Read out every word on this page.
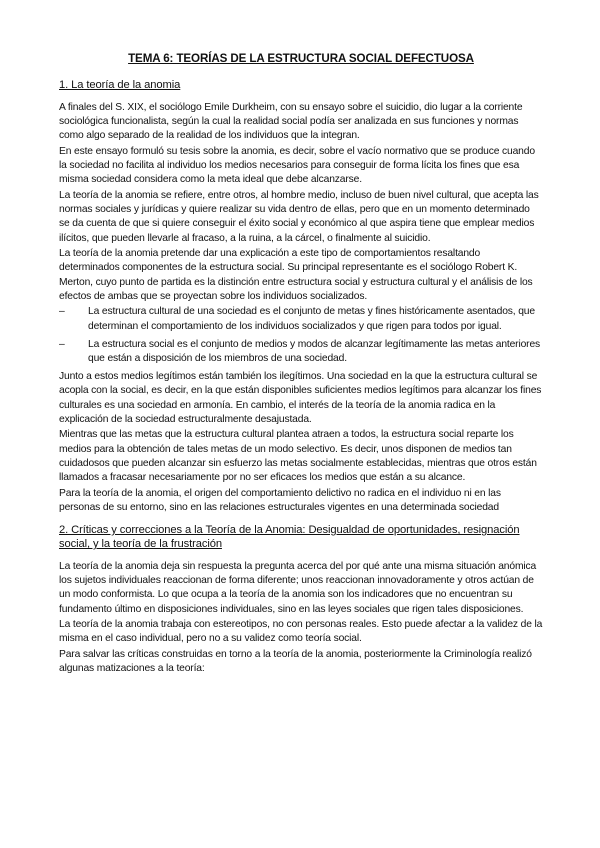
TEMA 6: TEORÍAS DE LA ESTRUCTURA SOCIAL DEFECTUOSA
1. La teoría de la anomia

A finales del S. XIX, el sociólogo Emile Durkheim, con su ensayo sobre el suicidio, dio lugar a la corriente sociológica funcionalista, según la cual la realidad social podía ser analizada en sus funciones y normas como algo separado de la realidad de los individuos que la integran.

En este ensayo formuló su tesis sobre la anomia, es decir, sobre el vacío normativo que se produce cuando la sociedad no facilita al individuo los medios necesarios para conseguir de forma lícita los fines que esa misma sociedad considera como la meta ideal que debe alcanzarse.

La teoría de la anomia se refiere, entre otros, al hombre medio, incluso de buen nivel cultural, que acepta las normas sociales y jurídicas y quiere realizar su vida dentro de ellas, pero que en un momento determinado se da cuenta de que si quiere conseguir el éxito social y económico al que aspira tiene que emplear medios ilícitos, que pueden llevarle al fracaso, a la ruina, a la cárcel, o finalmente al suicidio.

La teoría de la anomia pretende dar una explicación a este tipo de comportamientos resaltando determinados componentes de la estructura social. Su principal representante es el sociólogo Robert K. Merton, cuyo punto de partida es la distinción entre estructura social y estructura cultural y el análisis de los efectos de ambas que se proyectan sobre los individuos socializados.

– La estructura cultural de una sociedad es el conjunto de metas y fines históricamente asentados, que determinan el comportamiento de los individuos socializados y que rigen para todos por igual.
– La estructura social es el conjunto de medios y modos de alcanzar legítimamente las metas anteriores que están a disposición de los miembros de una sociedad.

Junto a estos medios legítimos están también los ilegítimos. Una sociedad en la que la estructura cultural se acopla con la social, es decir, en la que están disponibles suficientes medios legítimos para alcanzar los fines culturales es una sociedad en armonía. En cambio, el interés de la teoría de la anomia radica en la explicación de la sociedad estructuralmente desajustada.

Mientras que las metas que la estructura cultural plantea atraen a todos, la estructura social reparte los medios para la obtención de tales metas de un modo selectivo. Es decir, unos disponen de medios tan cuidadosos que pueden alcanzar sin esfuerzo las metas socialmente establecidas, mientras que otros están llamados a fracasar necesariamente por no ser eficaces los medios que están a su alcance.

Para la teoría de la anomia, el origen del comportamiento delictivo no radica en el individuo ni en las personas de su entorno, sino en las relaciones estructurales vigentes en una determinada sociedad

2. Críticas y correcciones a la Teoría de la Anomia: Desigualdad de oportunidades, resignación social, y la teoría de la frustración

La teoría de la anomia deja sin respuesta la pregunta acerca del por qué ante una misma situación anómica los sujetos individuales reaccionan de forma diferente; unos reaccionan innovadoramente y otros actúan de un modo conformista. Lo que ocupa a la teoría de la anomia son los indicadores que no encuentran su fundamento último en disposiciones individuales, sino en las leyes sociales que rigen tales disposiciones.

La teoría de la anomia trabaja con estereotipos, no con personas reales. Esto puede afectar a la validez de la misma en el caso individual, pero no a su validez como teoría social.

Para salvar las críticas construidas en torno a la teoría de la anomia, posteriormente la Criminología realizó algunas matizaciones a la teoría:
